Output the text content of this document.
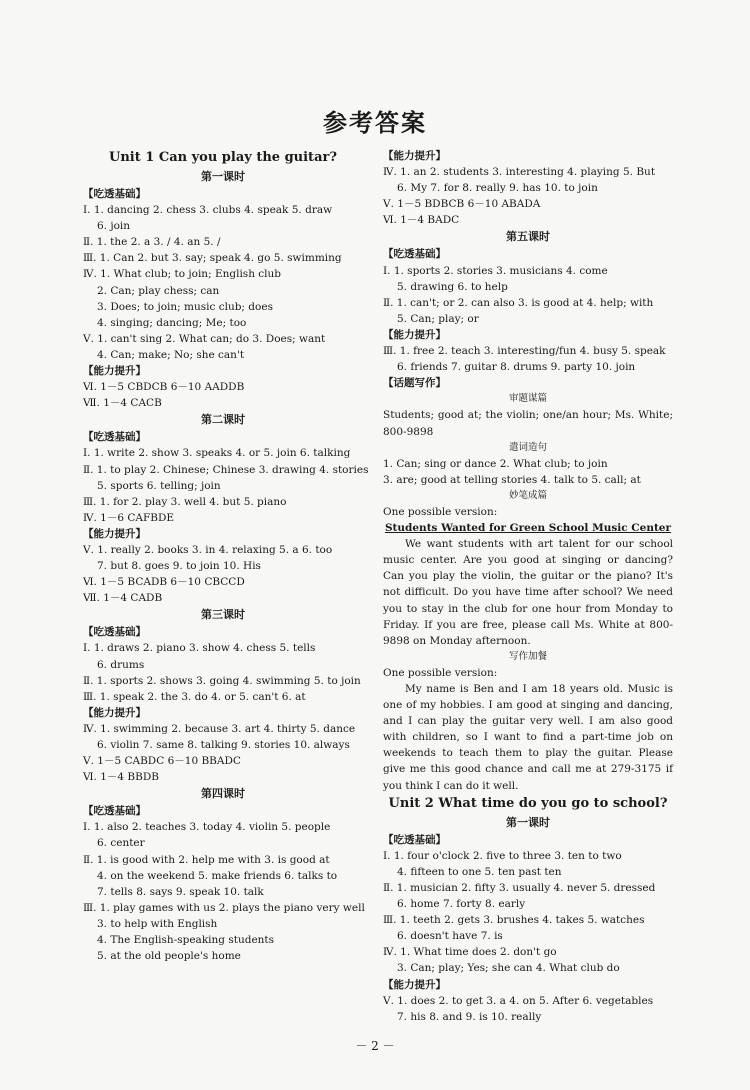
参考答案
Unit 1 Can you play the guitar?
第一课时
【吃透基础】
Ⅰ. 1. dancing 2. chess 3. clubs 4. speak 5. draw
6. join
Ⅱ. 1. the 2. a 3. / 4. an 5. /
Ⅲ. 1. Can 2. but 3. say; speak 4. go 5. swimming
Ⅳ. 1. What club; to join; English club
2. Can; play chess; can
3. Does; to join; music club; does
4. singing; dancing; Me; too
Ⅴ. 1. can't sing 2. What can; do 3. Does; want
4. Can; make; No; she can't
【能力提升】
Ⅵ. 1－5 CBDCB 6－10 AADDB
Ⅶ. 1－4 CACB
第二课时
【吃透基础】
Ⅰ. 1. write 2. show 3. speaks 4. or 5. join 6. talking
Ⅱ. 1. to play 2. Chinese; Chinese 3. drawing 4. stories
5. sports 6. telling; join
Ⅲ. 1. for 2. play 3. well 4. but 5. piano
Ⅳ. 1－6 CAFBDE
【能力提升】
Ⅴ. 1. really 2. books 3. in 4. relaxing 5. a 6. too
7. but 8. goes 9. to join 10. His
Ⅵ. 1－5 BCADB 6－10 CBCCD
Ⅶ. 1－4 CADB
第三课时
【吃透基础】
Ⅰ. 1. draws 2. piano 3. show 4. chess 5. tells
6. drums
Ⅱ. 1. sports 2. shows 3. going 4. swimming 5. to join
Ⅲ. 1. speak 2. the 3. do 4. or 5. can't 6. at
【能力提升】
Ⅳ. 1. swimming 2. because 3. art 4. thirty 5. dance
6. violin 7. same 8. talking 9. stories 10. always
Ⅴ. 1－5 CABDC 6－10 BBADC
Ⅵ. 1－4 BBDB
第四课时
【吃透基础】
Ⅰ. 1. also 2. teaches 3. today 4. violin 5. people
6. center
Ⅱ. 1. is good with 2. help me with 3. is good at
4. on the weekend 5. make friends 6. talks to
7. tells 8. says 9. speak 10. talk
Ⅲ. 1. play games with us 2. plays the piano very well
3. to help with English
4. The English-speaking students
5. at the old people's home
【能力提升】
Ⅳ. 1. an 2. students 3. interesting 4. playing 5. But
6. My 7. for 8. really 9. has 10. to join
Ⅴ. 1－5 BDBCB 6－10 ABADA
Ⅵ. 1－4 BADC
第五课时
【吃透基础】
Ⅰ. 1. sports 2. stories 3. musicians 4. come
5. drawing 6. to help
Ⅱ. 1. can't; or 2. can also 3. is good at 4. help; with
5. Can; play; or
【能力提升】
Ⅲ. 1. free 2. teach 3. interesting/fun 4. busy 5. speak
6. friends 7. guitar 8. drums 9. party 10. join
【话题写作】
审题谋篇
Students; good at; the violin; one/an hour; Ms. White; 800-9898
遣词造句
1. Can; sing or dance 2. What club; to join
3. are; good at telling stories 4. talk to 5. call; at
妙笔成篇
One possible version:
Students Wanted for Green School Music Center
We want students with art talent for our school music center. Are you good at singing or dancing? Can you play the violin, the guitar or the piano? It's not difficult. Do you have time after school? We need you to stay in the club for one hour from Monday to Friday. If you are free, please call Ms. White at 800-9898 on Monday afternoon.
写作加餐
One possible version:
My name is Ben and I am 18 years old. Music is one of my hobbies. I am good at singing and dancing, and I can play the guitar very well. I am also good with children, so I want to find a part-time job on weekends to teach them to play the guitar. Please give me this good chance and call me at 279-3175 if you think I can do it well.
Unit 2 What time do you go to school?
第一课时
【吃透基础】
Ⅰ. 1. four o'clock 2. five to three 3. ten to two
4. fifteen to one 5. ten past ten
Ⅱ. 1. musician 2. fifty 3. usually 4. never 5. dressed
6. home 7. forty 8. early
Ⅲ. 1. teeth 2. gets 3. brushes 4. takes 5. watches
6. doesn't have 7. is
Ⅳ. 1. What time does 2. don't go
3. Can; play; Yes; she can 4. What club do
【能力提升】
Ⅴ. 1. does 2. to get 3. a 4. on 5. After 6. vegetables
7. his 8. and 9. is 10. really
－ 2 －
